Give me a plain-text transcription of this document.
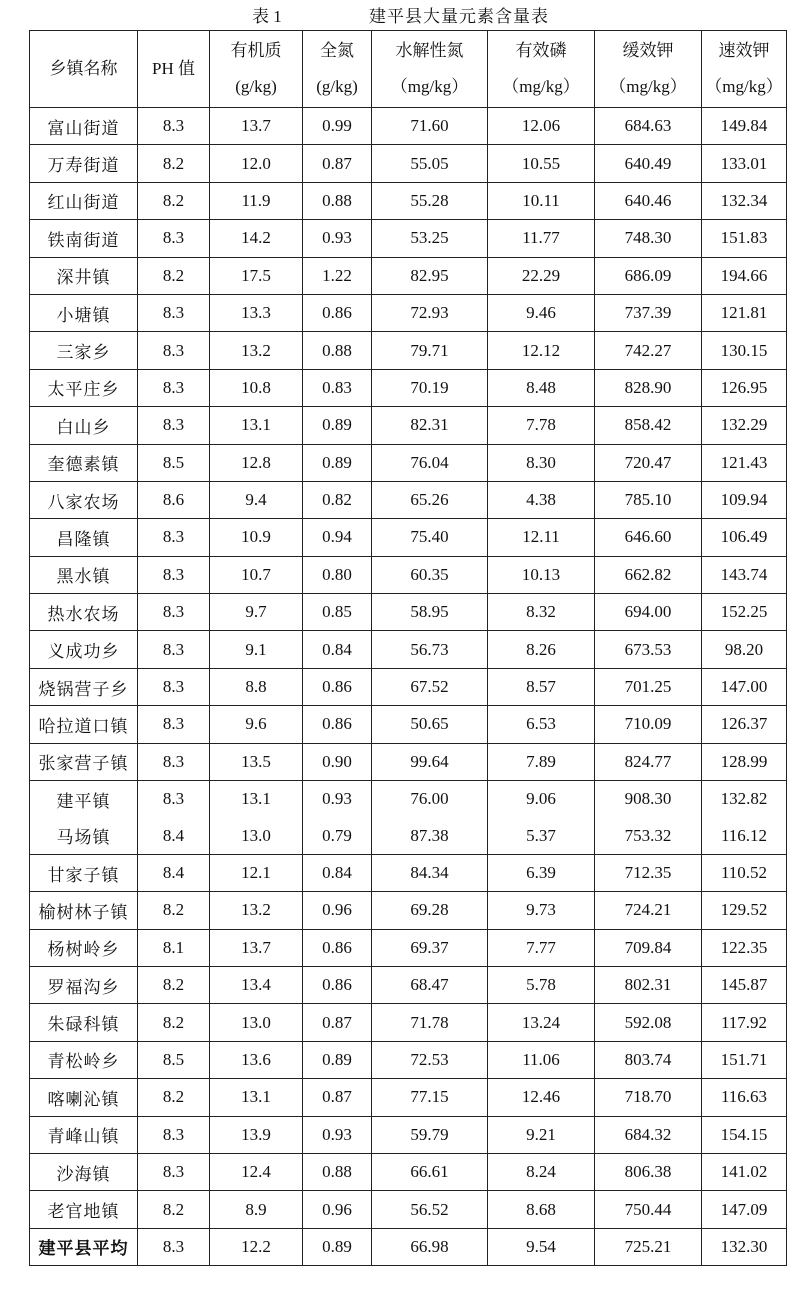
表 1	建平县大量元素含量表
乡镇名称	PH 值	有机质(g/kg)	全氮(g/kg)	水解性氮（mg/kg）	有效磷（mg/kg）	缓效钾（mg/kg）	速效钾（mg/kg）
富山街道	8.3	13.7	0.99	71.60	12.06	684.63	149.84
万寿街道	8.2	12.0	0.87	55.05	10.55	640.49	133.01
红山街道	8.2	11.9	0.88	55.28	10.11	640.46	132.34
铁南街道	8.3	14.2	0.93	53.25	11.77	748.30	151.83
深井镇	8.2	17.5	1.22	82.95	22.29	686.09	194.66
小塘镇	8.3	13.3	0.86	72.93	9.46	737.39	121.81
三家乡	8.3	13.2	0.88	79.71	12.12	742.27	130.15
太平庄乡	8.3	10.8	0.83	70.19	8.48	828.90	126.95
白山乡	8.3	13.1	0.89	82.31	7.78	858.42	132.29
奎德素镇	8.5	12.8	0.89	76.04	8.30	720.47	121.43
八家农场	8.6	9.4	0.82	65.26	4.38	785.10	109.94
昌隆镇	8.3	10.9	0.94	75.40	12.11	646.60	106.49
黑水镇	8.3	10.7	0.80	60.35	10.13	662.82	143.74
热水农场	8.3	9.7	0.85	58.95	8.32	694.00	152.25
义成功乡	8.3	9.1	0.84	56.73	8.26	673.53	98.20
烧锅营子乡	8.3	8.8	0.86	67.52	8.57	701.25	147.00
哈拉道口镇	8.3	9.6	0.86	50.65	6.53	710.09	126.37
张家营子镇	8.3	13.5	0.90	99.64	7.89	824.77	128.99
建平镇	8.3	13.1	0.93	76.00	9.06	908.30	132.82
马场镇	8.4	13.0	0.79	87.38	5.37	753.32	116.12
甘家子镇	8.4	12.1	0.84	84.34	6.39	712.35	110.52
榆树林子镇	8.2	13.2	0.96	69.28	9.73	724.21	129.52
杨树岭乡	8.1	13.7	0.86	69.37	7.77	709.84	122.35
罗福沟乡	8.2	13.4	0.86	68.47	5.78	802.31	145.87
朱碌科镇	8.2	13.0	0.87	71.78	13.24	592.08	117.92
青松岭乡	8.5	13.6	0.89	72.53	11.06	803.74	151.71
喀喇沁镇	8.2	13.1	0.87	77.15	12.46	718.70	116.63
青峰山镇	8.3	13.9	0.93	59.79	9.21	684.32	154.15
沙海镇	8.3	12.4	0.88	66.61	8.24	806.38	141.02
老官地镇	8.2	8.9	0.96	56.52	8.68	750.44	147.09
建平县平均	8.3	12.2	0.89	66.98	9.54	725.21	132.30
